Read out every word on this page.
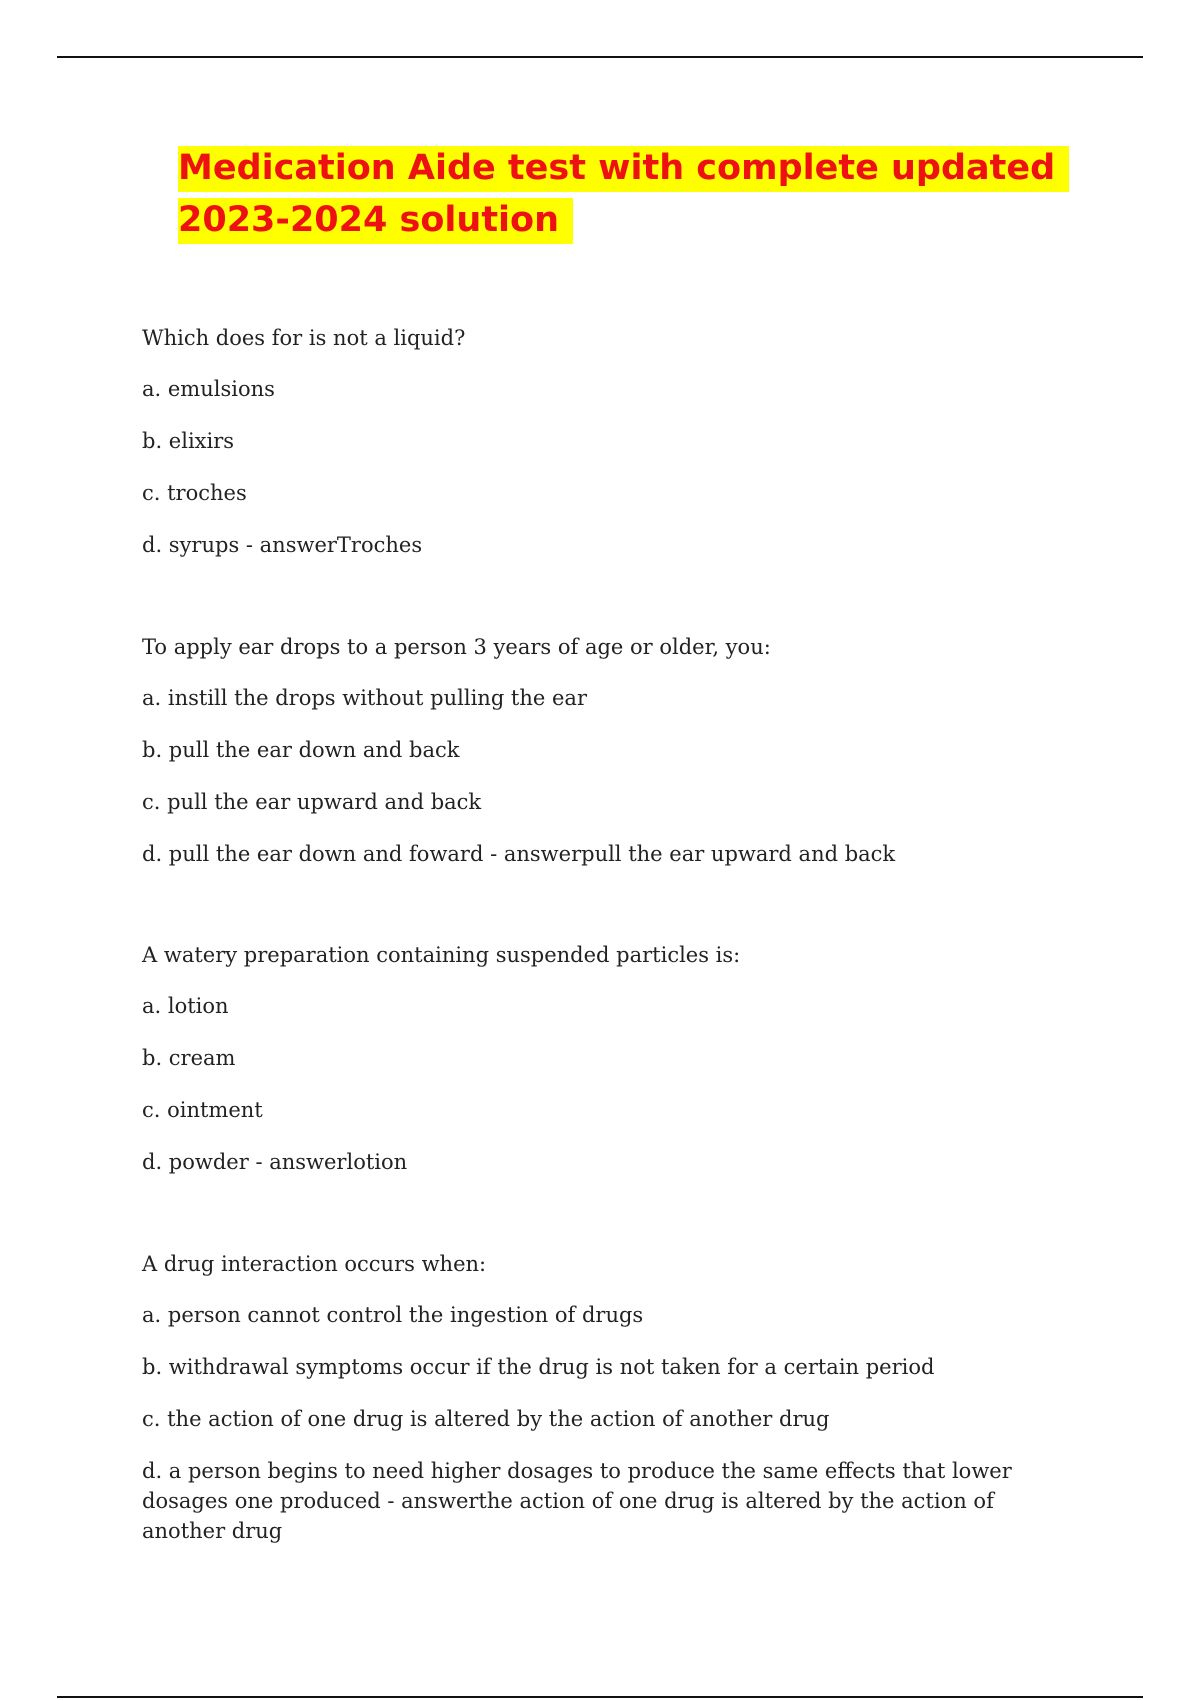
Medication Aide test with complete updated
2023-2024 solution

Which does for is not a liquid?

a. emulsions

b. elixirs

c. troches

d. syrups - answerTroches

To apply ear drops to a person 3 years of age or older, you:

a. instill the drops without pulling the ear

b. pull the ear down and back

c. pull the ear upward and back

d. pull the ear down and foward - answerpull the ear upward and back

A watery preparation containing suspended particles is:

a. lotion

b. cream

c. ointment

d. powder - answerlotion

A drug interaction occurs when:

a. person cannot control the ingestion of drugs

b. withdrawal symptoms occur if the drug is not taken for a certain period

c. the action of one drug is altered by the action of another drug

d. a person begins to need higher dosages to produce the same effects that lower dosages one produced - answerthe action of one drug is altered by the action of another drug
